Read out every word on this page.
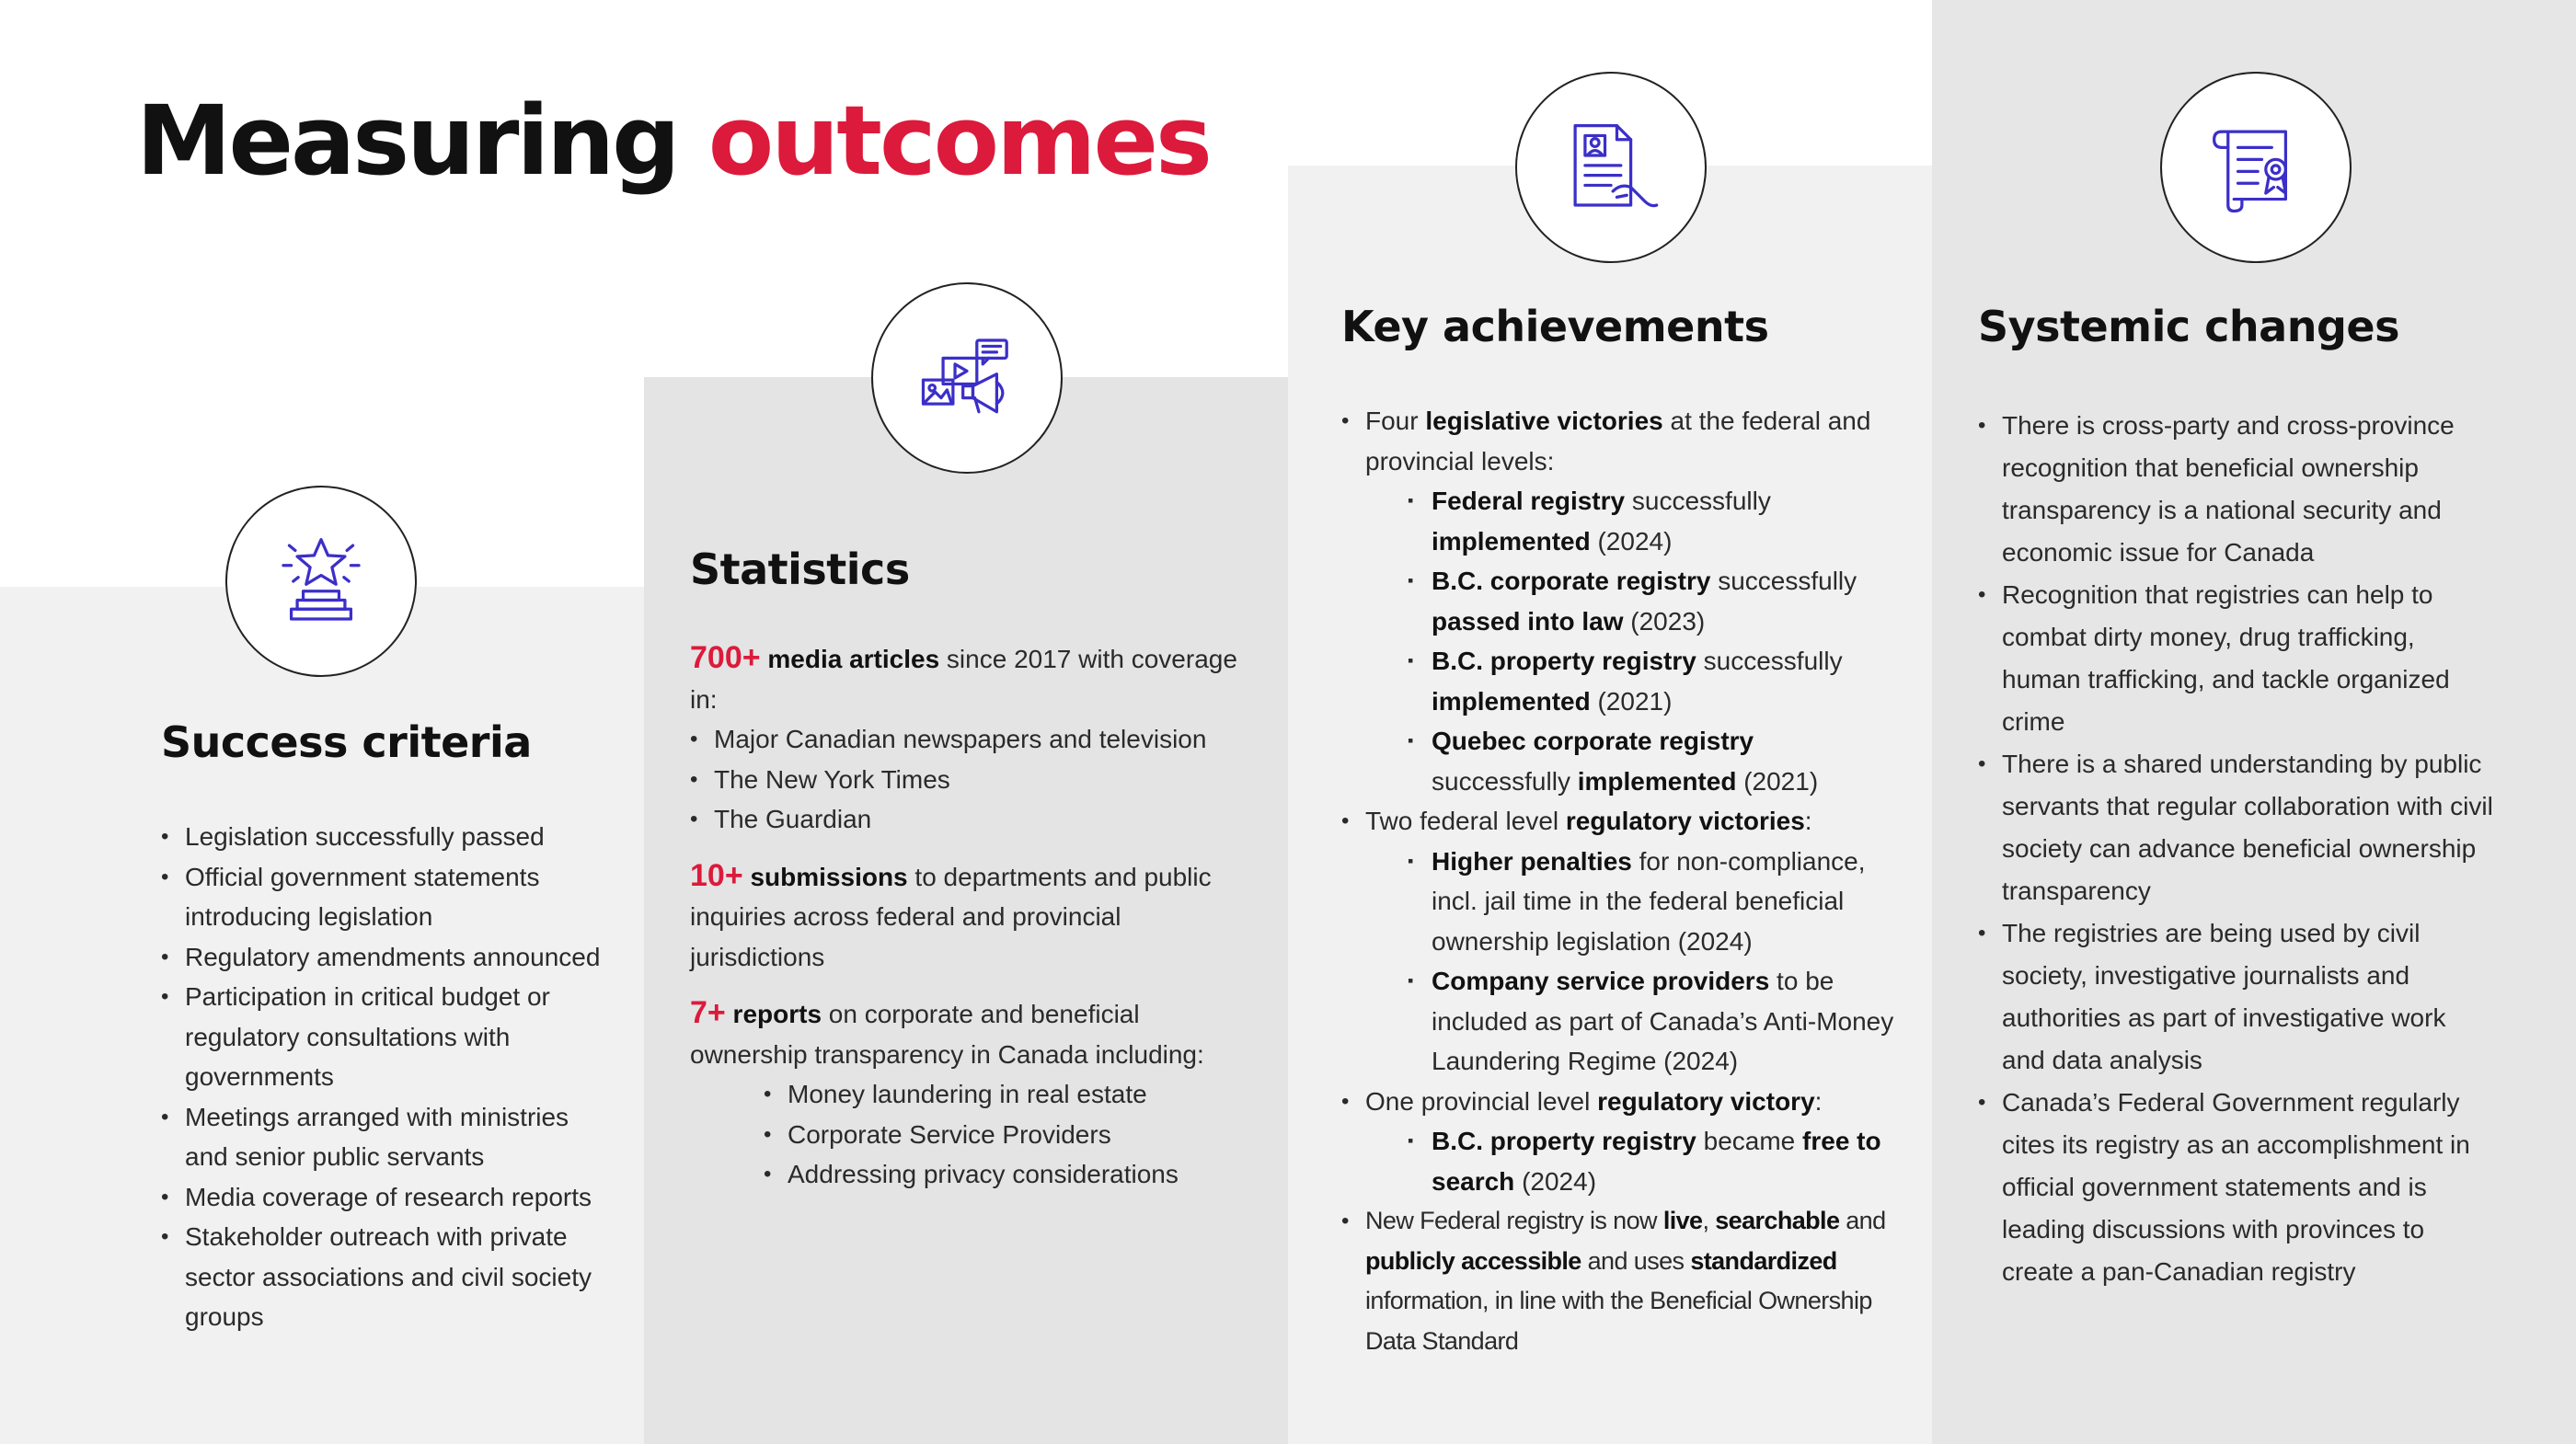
Measuring outcomes
Success criteria
Statistics
Key achievements	Systemic changes
• Legislation successfully passed
• Official government statements introducing legislation
• Regulatory amendments announced
• Participation in critical budget or regulatory consultations with governments
• Meetings arranged with ministries and senior public servants
• Media coverage of research reports
• Stakeholder outreach with private sector associations and civil society groups

700+ media articles since 2017 with coverage in:

• Major Canadian newspapers and television
• The New York Times
• The Guardian

10+ submissions to departments and public inquiries across federal and provincial jurisdictions

7+ reports on corporate and beneficial ownership transparency in Canada including:

• Money laundering in real estate
• Corporate Service Providers
• Addressing privacy considerations
• Four legislative victories at the federal and provincial levels:
▪ Federal registry successfully implemented (2024)
▪ B.C. corporate registry successfully passed into law (2023)
▪ B.C. property registry successfully implemented (2021)
▪ Quebec corporate registry
successfully implemented (2021)
• Two federal level regulatory victories:
▪ Higher penalties for non-compliance, incl. jail time in the federal beneficial ownership legislation (2024)
▪ Company service providers to be included as part of Canada’s Anti-Money Laundering Regime (2024)
• One provincial level regulatory victory:
▪ B.C. property registry became free to search (2024)
• New Federal registry is now live, searchable and publicly accessible and uses standardized information, in line with the Beneficial Ownership Data Standard
• There is cross-party and cross-province recognition that beneficial ownership transparency is a national security and economic issue for Canada
• Recognition that registries can help to combat dirty money, drug trafficking, human trafficking, and tackle organized crime
• There is a shared understanding by public servants that regular collaboration with civil society can advance beneficial ownership transparency
• The registries are being used by civil society, investigative journalists and authorities as part of investigative work and data analysis
• Canada’s Federal Government regularly cites its registry as an accomplishment in official government statements and is leading discussions with provinces to create a pan-Canadian registry
